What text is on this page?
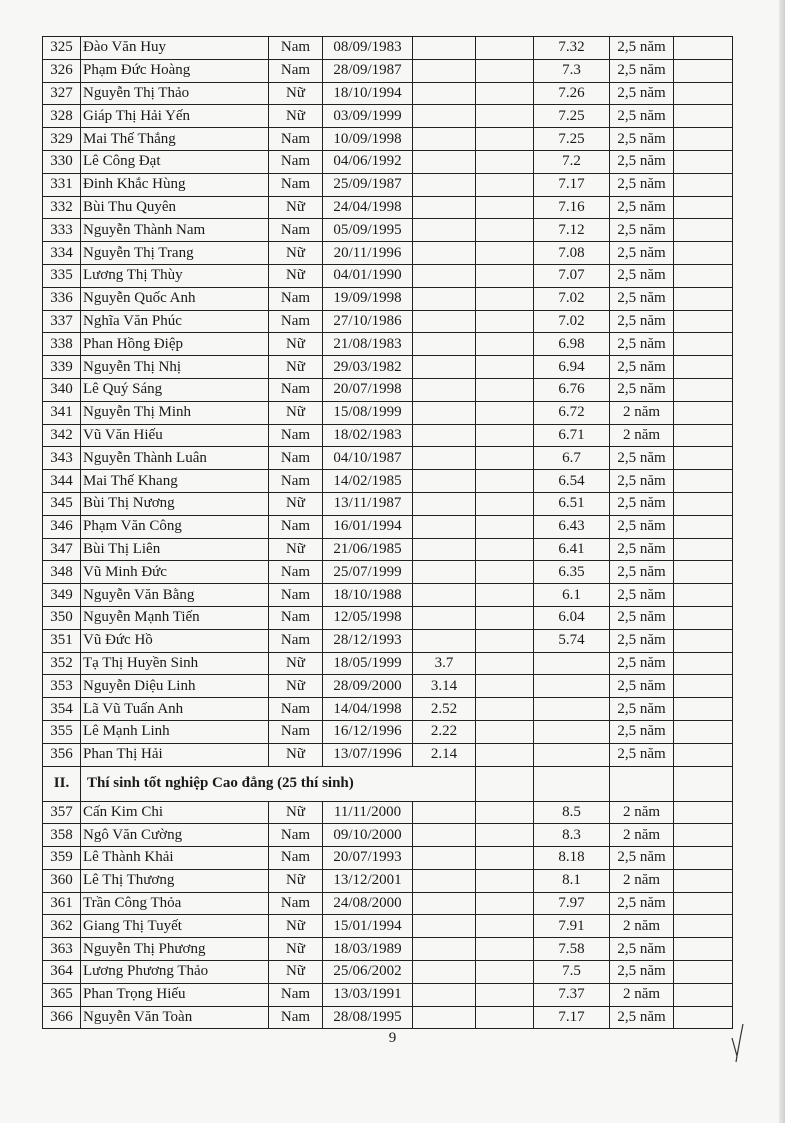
325	Đào Văn Huy	Nam	08/09/1983			7.32	2,5 năm	
326	Phạm Đức Hoàng	Nam	28/09/1987			7.3	2,5 năm	
327	Nguyễn Thị Thảo	Nữ	18/10/1994			7.26	2,5 năm	
328	Giáp Thị Hải Yến	Nữ	03/09/1999			7.25	2,5 năm	
329	Mai Thế Thắng	Nam	10/09/1998			7.25	2,5 năm	
330	Lê Công Đạt	Nam	04/06/1992			7.2	2,5 năm	
331	Đinh Khắc Hùng	Nam	25/09/1987			7.17	2,5 năm	
332	Bùi Thu Quyên	Nữ	24/04/1998			7.16	2,5 năm	
333	Nguyễn Thành Nam	Nam	05/09/1995			7.12	2,5 năm	
334	Nguyễn Thị Trang	Nữ	20/11/1996			7.08	2,5 năm	
335	Lương Thị Thùy	Nữ	04/01/1990			7.07	2,5 năm	
336	Nguyễn Quốc Anh	Nam	19/09/1998			7.02	2,5 năm	
337	Nghĩa Văn Phúc	Nam	27/10/1986			7.02	2,5 năm	
338	Phan Hồng Điệp	Nữ	21/08/1983			6.98	2,5 năm	
339	Nguyễn Thị Nhị	Nữ	29/03/1982			6.94	2,5 năm	
340	Lê Quý Sáng	Nam	20/07/1998			6.76	2,5 năm	
341	Nguyễn Thị Minh	Nữ	15/08/1999			6.72	2 năm	
342	Vũ Văn Hiếu	Nam	18/02/1983			6.71	2 năm	
343	Nguyễn Thành Luân	Nam	04/10/1987			6.7	2,5 năm	
344	Mai Thế Khang	Nam	14/02/1985			6.54	2,5 năm	
345	Bùi Thị Nương	Nữ	13/11/1987			6.51	2,5 năm	
346	Phạm Văn Công	Nam	16/01/1994			6.43	2,5 năm	
347	Bùi Thị Liên	Nữ	21/06/1985			6.41	2,5 năm	
348	Vũ Minh Đức	Nam	25/07/1999			6.35	2,5 năm	
349	Nguyễn Văn Bằng	Nam	18/10/1988			6.1	2,5 năm	
350	Nguyễn Mạnh Tiến	Nam	12/05/1998			6.04	2,5 năm	
351	Vũ Đức Hồ	Nam	28/12/1993			5.74	2,5 năm	
352	Tạ Thị Huyền Sinh	Nữ	18/05/1999	3.7			2,5 năm	
353	Nguyễn Diệu Linh	Nữ	28/09/2000	3.14			2,5 năm	
354	Lã Vũ Tuấn Anh	Nam	14/04/1998	2.52			2,5 năm	
355	Lê Mạnh Linh	Nam	16/12/1996	2.22			2,5 năm	
356	Phan Thị Hải	Nữ	13/07/1996	2.14			2,5 năm	
II.	Thí sinh tốt nghiệp Cao đẳng (25 thí sinh)							
357	Cấn Kim Chi	Nữ	11/11/2000			8.5	2 năm	
358	Ngô Văn Cường	Nam	09/10/2000			8.3	2 năm	
359	Lê Thành Khải	Nam	20/07/1993			8.18	2,5 năm	
360	Lê Thị Thương	Nữ	13/12/2001			8.1	2 năm	
361	Trần Công Thỏa	Nam	24/08/2000			7.97	2,5 năm	
362	Giang Thị Tuyết	Nữ	15/01/1994			7.91	2 năm	
363	Nguyễn Thị Phương	Nữ	18/03/1989			7.58	2,5 năm	
364	Lương Phương Thảo	Nữ	25/06/2002			7.5	2,5 năm	
365	Phan Trọng Hiếu	Nam	13/03/1991			7.37	2 năm	
366	Nguyễn Văn Toàn	Nam	28/08/1995			7.17	2,5 năm	
9
